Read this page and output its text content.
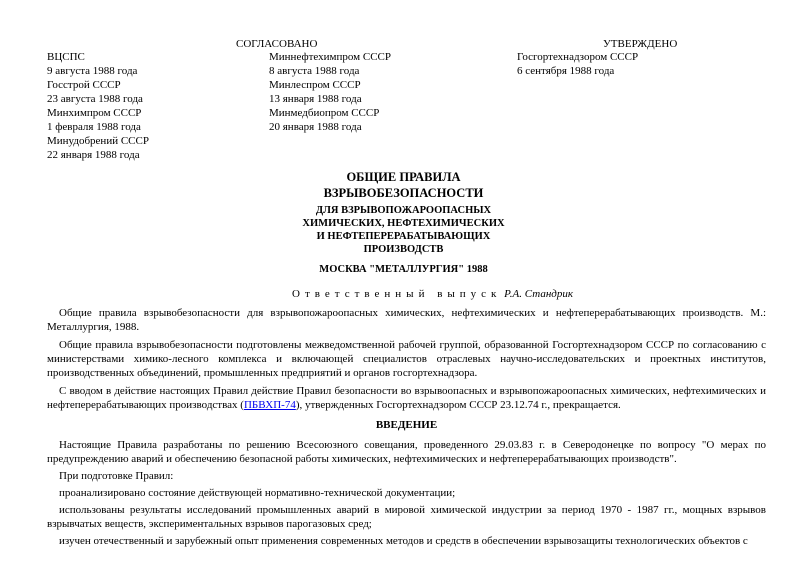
СОГЛАСОВАНО	УТВЕРЖДЕНО
ВЦСПС
9 августа 1988 года
Госстрой СССР
23 августа 1988 года
Минхимпром СССР
1 февраля 1988 года
Минудобрений СССР
22 января 1988 года
Миннефтехимпром СССР
8 августа 1988 года
Минлеспром СССР
13 января 1988 года
Минмедбиопром СССР
20 января 1988 года
Госгортехнадзором СССР
6 сентября 1988 года
ОБЩИЕ ПРАВИЛА
ВЗРЫВОБЕЗОПАСНОСТИ
ДЛЯ ВЗРЫВОПОЖАРООПАСНЫХ
ХИМИЧЕСКИХ, НЕФТЕХИМИЧЕСКИХ
И НЕФТЕПЕРЕРАБАТЫВАЮЩИХ
ПРОИЗВОДСТВ
МОСКВА "МЕТАЛЛУРГИЯ" 1988
Ответственный выпуск Р.А. Стандрик

Общие правила взрывобезопасности для взрывопожароопасных химических, нефтехимических и нефтеперерабатывающих производств. М.: Металлургия, 1988.

Общие правила взрывобезопасности подготовлены межведомственной рабочей группой, образованной Госгортехнадзором СССР по согласованию с министерствами химико-лесного комплекса и включающей специалистов отраслевых научно-исследовательских и проектных институтов, производственных объединений, промышленных предприятий и органов госгортехнадзора.

С вводом в действие настоящих Правил действие Правил безопасности во взрывоопасных и взрывопожароопасных химических, нефтехимических и нефтеперерабатывающих производствах (ПБВХП-74), утвержденных Госгортехнадзором СССР 23.12.74 г., прекращается.

ВВЕДЕНИЕ

Настоящие Правила разработаны по решению Всесоюзного совещания, проведенного 29.03.83 г. в Северодонецке по вопросу "О мерах по предупреждению аварий и обеспечению безопасной работы химических, нефтехимических и нефтеперерабатывающих производств".

При подготовке Правил:

проанализировано состояние действующей нормативно-технической документации;

использованы результаты исследований промышленных аварий в мировой химической индустрии за период 1970 - 1987 гг., мощных взрывов взрывчатых веществ, экспериментальных взрывов парогазовых сред;

изучен отечественный и зарубежный опыт применения современных методов и средств в обеспечении взрывозащиты технологических объектов с
